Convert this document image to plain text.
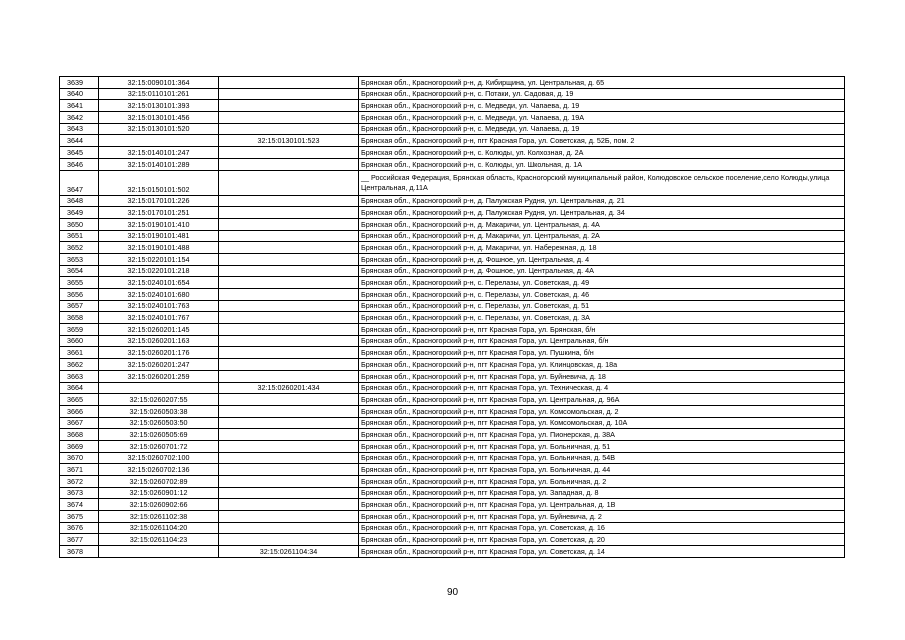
3639	32:15:0090101:364		Брянская обл., Красногорский р-н, д. Кибирщина, ул. Центральная, д. 65
3640	32:15:0110101:261		Брянская обл., Красногорский р-н, с. Потаки, ул. Садовая, д. 19
3641	32:15:0130101:393		Брянская обл., Красногорский р-н, с. Медведи, ул. Чапаева, д. 19
3642	32:15:0130101:456		Брянская обл., Красногорский р-н, с. Медведи, ул. Чапаева, д. 19А
3643	32:15:0130101:520		Брянская обл., Красногорский р-н, с. Медведи, ул. Чапаева, д. 19
3644		32:15:0130101:523	Брянская обл., Красногорский р-н, пгт Красная Гора, ул. Советская, д. 52Б, пом. 2
3645	32:15:0140101:247		Брянская обл., Красногорский р-н, с. Колюды, ул. Колхозная, д. 2А
3646	32:15:0140101:289		Брянская обл., Красногорский р-н, с. Колюды, ул. Школьная, д. 1А
3647	32:15:0150101:502		__ Российская Федерация, Брянская область, Красногорский муниципальный район, Колюдовское сельское поселение,село Колюды,улица Центральная, д.11А
3648	32:15:0170101:226		Брянская обл., Красногорский р-н, д. Палужская Рудня, ул. Центральная, д. 21
3649	32:15:0170101:251		Брянская обл., Красногорский р-н, д. Палужская Рудня, ул. Центральная, д. 34
3650	32:15:0190101:410		Брянская обл., Красногорский р-н, д. Макаричи, ул. Центральная, д. 4А
3651	32:15:0190101:481		Брянская обл., Красногорский р-н, д. Макаричи, ул. Центральная, д. 2А
3652	32:15:0190101:488		Брянская обл., Красногорский р-н, д. Макаричи, ул. Набережная, д. 18
3653	32:15:0220101:154		Брянская обл., Красногорский р-н, д. Фошное, ул. Центральная, д. 4
3654	32:15:0220101:218		Брянская обл., Красногорский р-н, д. Фошное, ул. Центральная, д. 4А
3655	32:15:0240101:654		Брянская обл., Красногорский р-н, с. Перелазы, ул. Советская, д. 49
3656	32:15:0240101:680		Брянская обл., Красногорский р-н, с. Перелазы, ул. Советская, д. 46
3657	32:15:0240101:763		Брянская обл., Красногорский р-н, с. Перелазы, ул. Советская, д. 51
3658	32:15:0240101:767		Брянская обл., Красногорский р-н, с. Перелазы, ул. Советская, д. 3А
3659	32:15:0260201:145		Брянская обл., Красногорский р-н, пгт Красная Гора, ул. Брянская, б/н
3660	32:15:0260201:163		Брянская обл., Красногорский р-н, пгт Красная Гора, ул. Центральная, б/н
3661	32:15:0260201:176		Брянская обл., Красногорский р-н, пгт Красная Гора, ул. Пушкина, б/н
3662	32:15:0260201:247		Брянская обл., Красногорский р-н, пгт Красная Гора, ул. Клинцовская, д. 18а
3663	32:15:0260201:259		Брянская обл., Красногорский р-н, пгт Красная Гора, ул. Буйневича, д. 18
3664		32:15:0260201:434	Брянская обл., Красногорский р-н, пгт Красная Гора, ул. Техническая, д. 4
3665	32:15:0260207:55		Брянская обл., Красногорский р-н, пгт Красная Гора, ул. Центральная, д. 96А
3666	32:15:0260503:38		Брянская обл., Красногорский р-н, пгт Красная Гора, ул. Комсомольская, д. 2
3667	32:15:0260503:50		Брянская обл., Красногорский р-н, пгт Красная Гора, ул. Комсомольская, д. 10А
3668	32:15:0260505:69		Брянская обл., Красногорский р-н, пгт Красная Гора, ул. Пионерская, д. 38А
3669	32:15:0260701:72		Брянская обл., Красногорский р-н, пгт Красная Гора, ул. Больничная, д. 51
3670	32:15:0260702:100		Брянская обл., Красногорский р-н, пгт Красная Гора, ул. Больничная, д. 54В
3671	32:15:0260702:136		Брянская обл., Красногорский р-н, пгт Красная Гора, ул. Больничная, д. 44
3672	32:15:0260702:89		Брянская обл., Красногорский р-н, пгт Красная Гора, ул. Больничная, д. 2
3673	32:15:0260901:12		Брянская обл., Красногорский р-н, пгт Красная Гора, ул. Западная, д. 8
3674	32:15:0260902:66		Брянская обл., Красногорский р-н, пгт Красная Гора, ул. Центральная, д. 1В
3675	32:15:0261102:38		Брянская обл., Красногорский р-н, пгт Красная Гора, ул. Буйневича, д. 2
3676	32:15:0261104:20		Брянская обл., Красногорский р-н, пгт Красная Гора, ул. Советская, д. 16
3677	32:15:0261104:23		Брянская обл., Красногорский р-н, пгт Красная Гора, ул. Советская, д. 20
3678		32:15:0261104:34	Брянская обл., Красногорский р-н, пгт Красная Гора, ул. Советская, д. 14
90
